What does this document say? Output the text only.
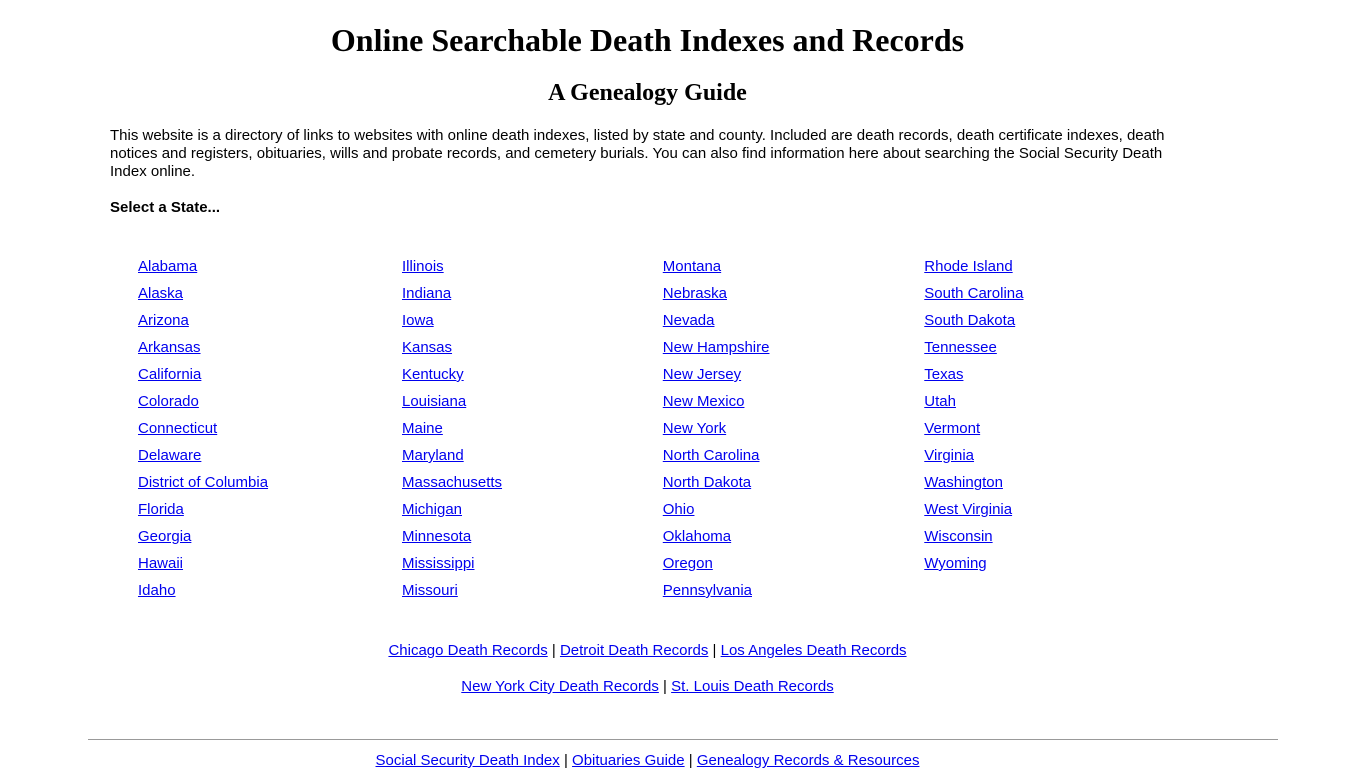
Online Searchable Death Indexes and Records
A Genealogy Guide

This website is a directory of links to websites with online death indexes, listed by state and county. Included are death records, death certificate indexes, death notices and registers, obituaries, wills and probate records, and cemetery burials. You can also find information here about searching the Social Security Death Index online.

Select a State...

Alabama
Alaska
Arizona
Arkansas
California
Colorado
Connecticut
Delaware
District of Columbia
Florida
Georgia
Hawaii
Idaho

Illinois
Indiana
Iowa
Kansas
Kentucky
Louisiana
Maine
Maryland
Massachusetts
Michigan
Minnesota
Mississippi
Missouri

Montana
Nebraska
Nevada
New Hampshire
New Jersey
New Mexico
New York
North Carolina
North Dakota
Ohio
Oklahoma
Oregon
Pennsylvania

Rhode Island
South Carolina
South Dakota
Tennessee
Texas
Utah
Vermont
Virginia
Washington
West Virginia
Wisconsin
Wyoming

Chicago Death Records | Detroit Death Records | Los Angeles Death Records

New York City Death Records | St. Louis Death Records

Social Security Death Index | Obituaries Guide | Genealogy Records & Resources
